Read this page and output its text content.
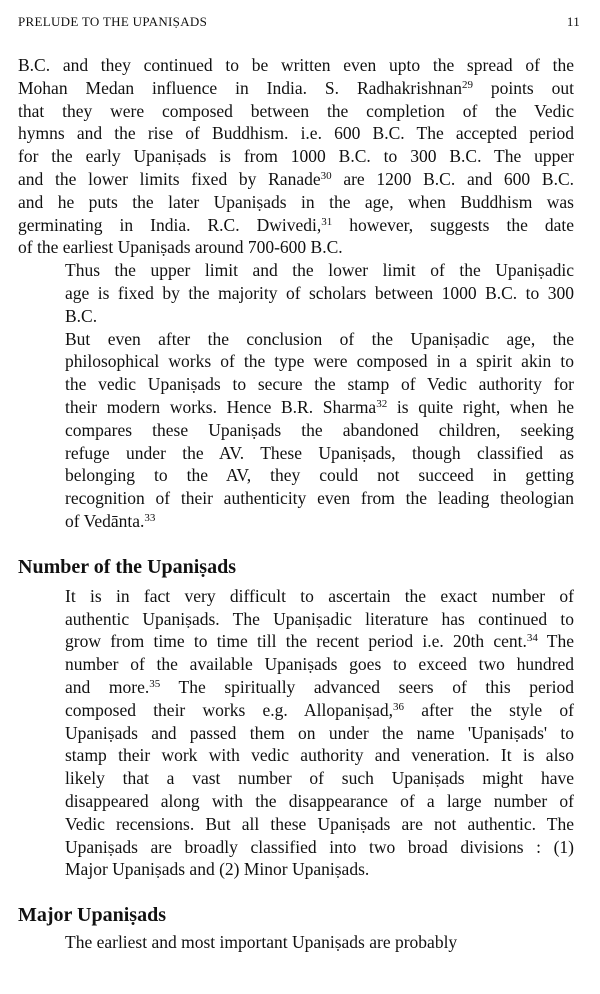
PRELUDE TO THE UPANIṢADS	11

B.C. and they continued to be written even upto the spread of the
Mohan Medan influence in India. S. Radhakrishnan$^{29}$ points out
that they were composed between the completion of the Vedic
hymns and the rise of Buddhism. i.e. 600 B.C. The accepted period
for the early Upaniṣads is from 1000 B.C. to 300 B.C. The upper
and the lower limits fixed by Ranade$^{30}$ are 1200 B.C. and 600 B.C.
and he puts the later Upaniṣads in the age, when Buddhism was
germinating in India. R.C. Dwivedi,$^{31}$ however, suggests the date
of the earliest Upaniṣads around 700-600 B.C.

Thus the upper limit and the lower limit of the Upaniṣadic
age is fixed by the majority of scholars between 1000 B.C. to 300
B.C.

But even after the conclusion of the Upaniṣadic age, the
philosophical works of the type were composed in a spirit akin to
the vedic Upaniṣads to secure the stamp of Vedic authority for
their modern works. Hence B.R. Sharma$^{32}$ is quite right, when he
compares these Upaniṣads the abandoned children, seeking
refuge under the AV. These Upaniṣads, though classified as
belonging to the AV, they could not succeed in getting
recognition of their authenticity even from the leading theologian
of Vedānta.$^{33}$

Number of the Upaniṣads

It is in fact very difficult to ascertain the exact number of
authentic Upaniṣads. The Upaniṣadic literature has continued to
grow from time to time till the recent period i.e. 20th cent.$^{34}$ The
number of the available Upaniṣads goes to exceed two hundred
and more.$^{35}$ The spiritually advanced seers of this period
composed their works e.g. Allopaniṣad,$^{36}$ after the style of
Upaniṣads and passed them on under the name 'Upaniṣads' to
stamp their work with vedic authority and veneration. It is also
likely that a vast number of such Upaniṣads might have
disappeared along with the disappearance of a large number of
Vedic recensions. But all these Upaniṣads are not authentic. The
Upaniṣads are broadly classified into two broad divisions : (1)
Major Upaniṣads and (2) Minor Upaniṣads.

Major Upaniṣads

The earliest and most important Upaniṣads are probably
